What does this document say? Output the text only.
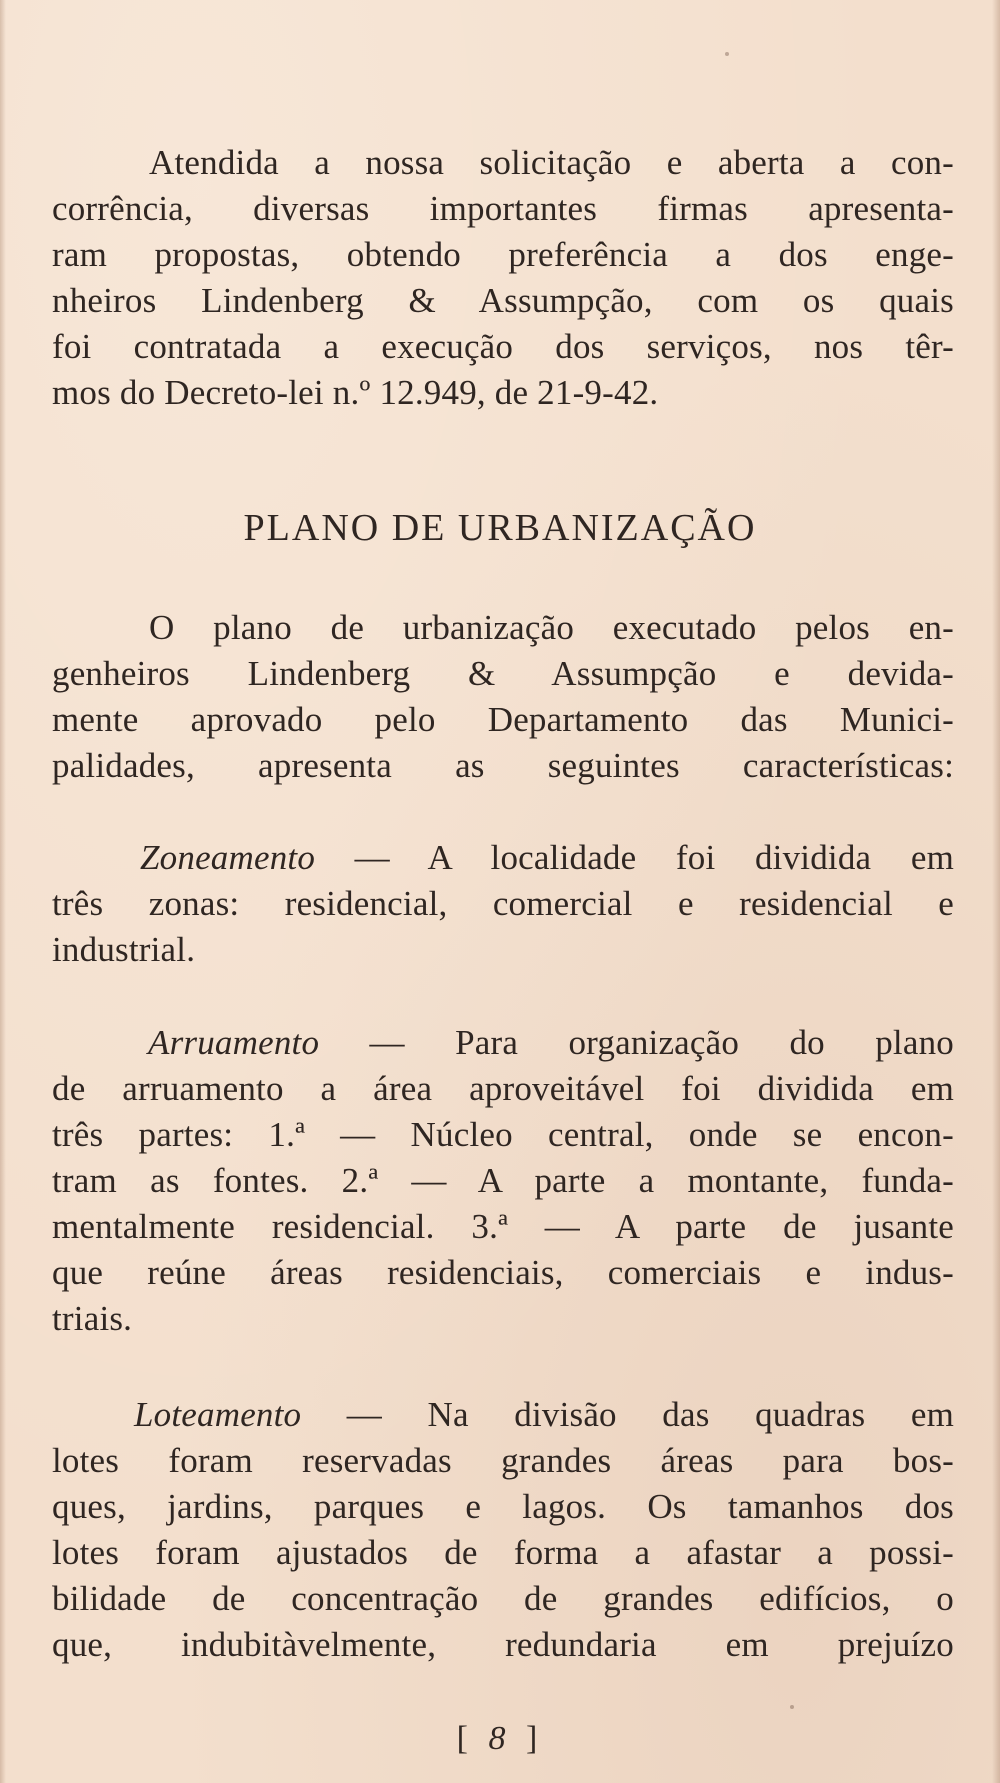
Atendida a nossa solicitação e aberta a con-
corrência, diversas importantes firmas apresenta-
ram propostas, obtendo preferência a dos enge-
nheiros Lindenberg & Assumpção, com os quais
foi contratada a execução dos serviços, nos têr-
mos do Decreto-lei n.º 12.949, de 21-9-42.
PLANO DE URBANIZAÇÃO
O plano de urbanização executado pelos en-
genheiros Lindenberg & Assumpção e devida-
mente aprovado pelo Departamento das Munici-
palidades, apresenta as seguintes características:
Zoneamento — A localidade foi dividida em
três zonas: residencial, comercial e residencial e
industrial.
Arruamento — Para organização do plano
de arruamento a área aproveitável foi dividida em
três partes: 1.ª — Núcleo central, onde se encon-
tram as fontes. 2.ª — A parte a montante, funda-
mentalmente residencial. 3.ª — A parte de jusante
que reúne áreas residenciais, comerciais e indus-
triais.
Loteamento — Na divisão das quadras em
lotes foram reservadas grandes áreas para bos-
ques, jardins, parques e lagos. Os tamanhos dos
lotes foram ajustados de forma a afastar a possi-
bilidade de concentração de grandes edifícios, o
que, indubitàvelmente, redundaria em prejuízo
[ 8 ]
